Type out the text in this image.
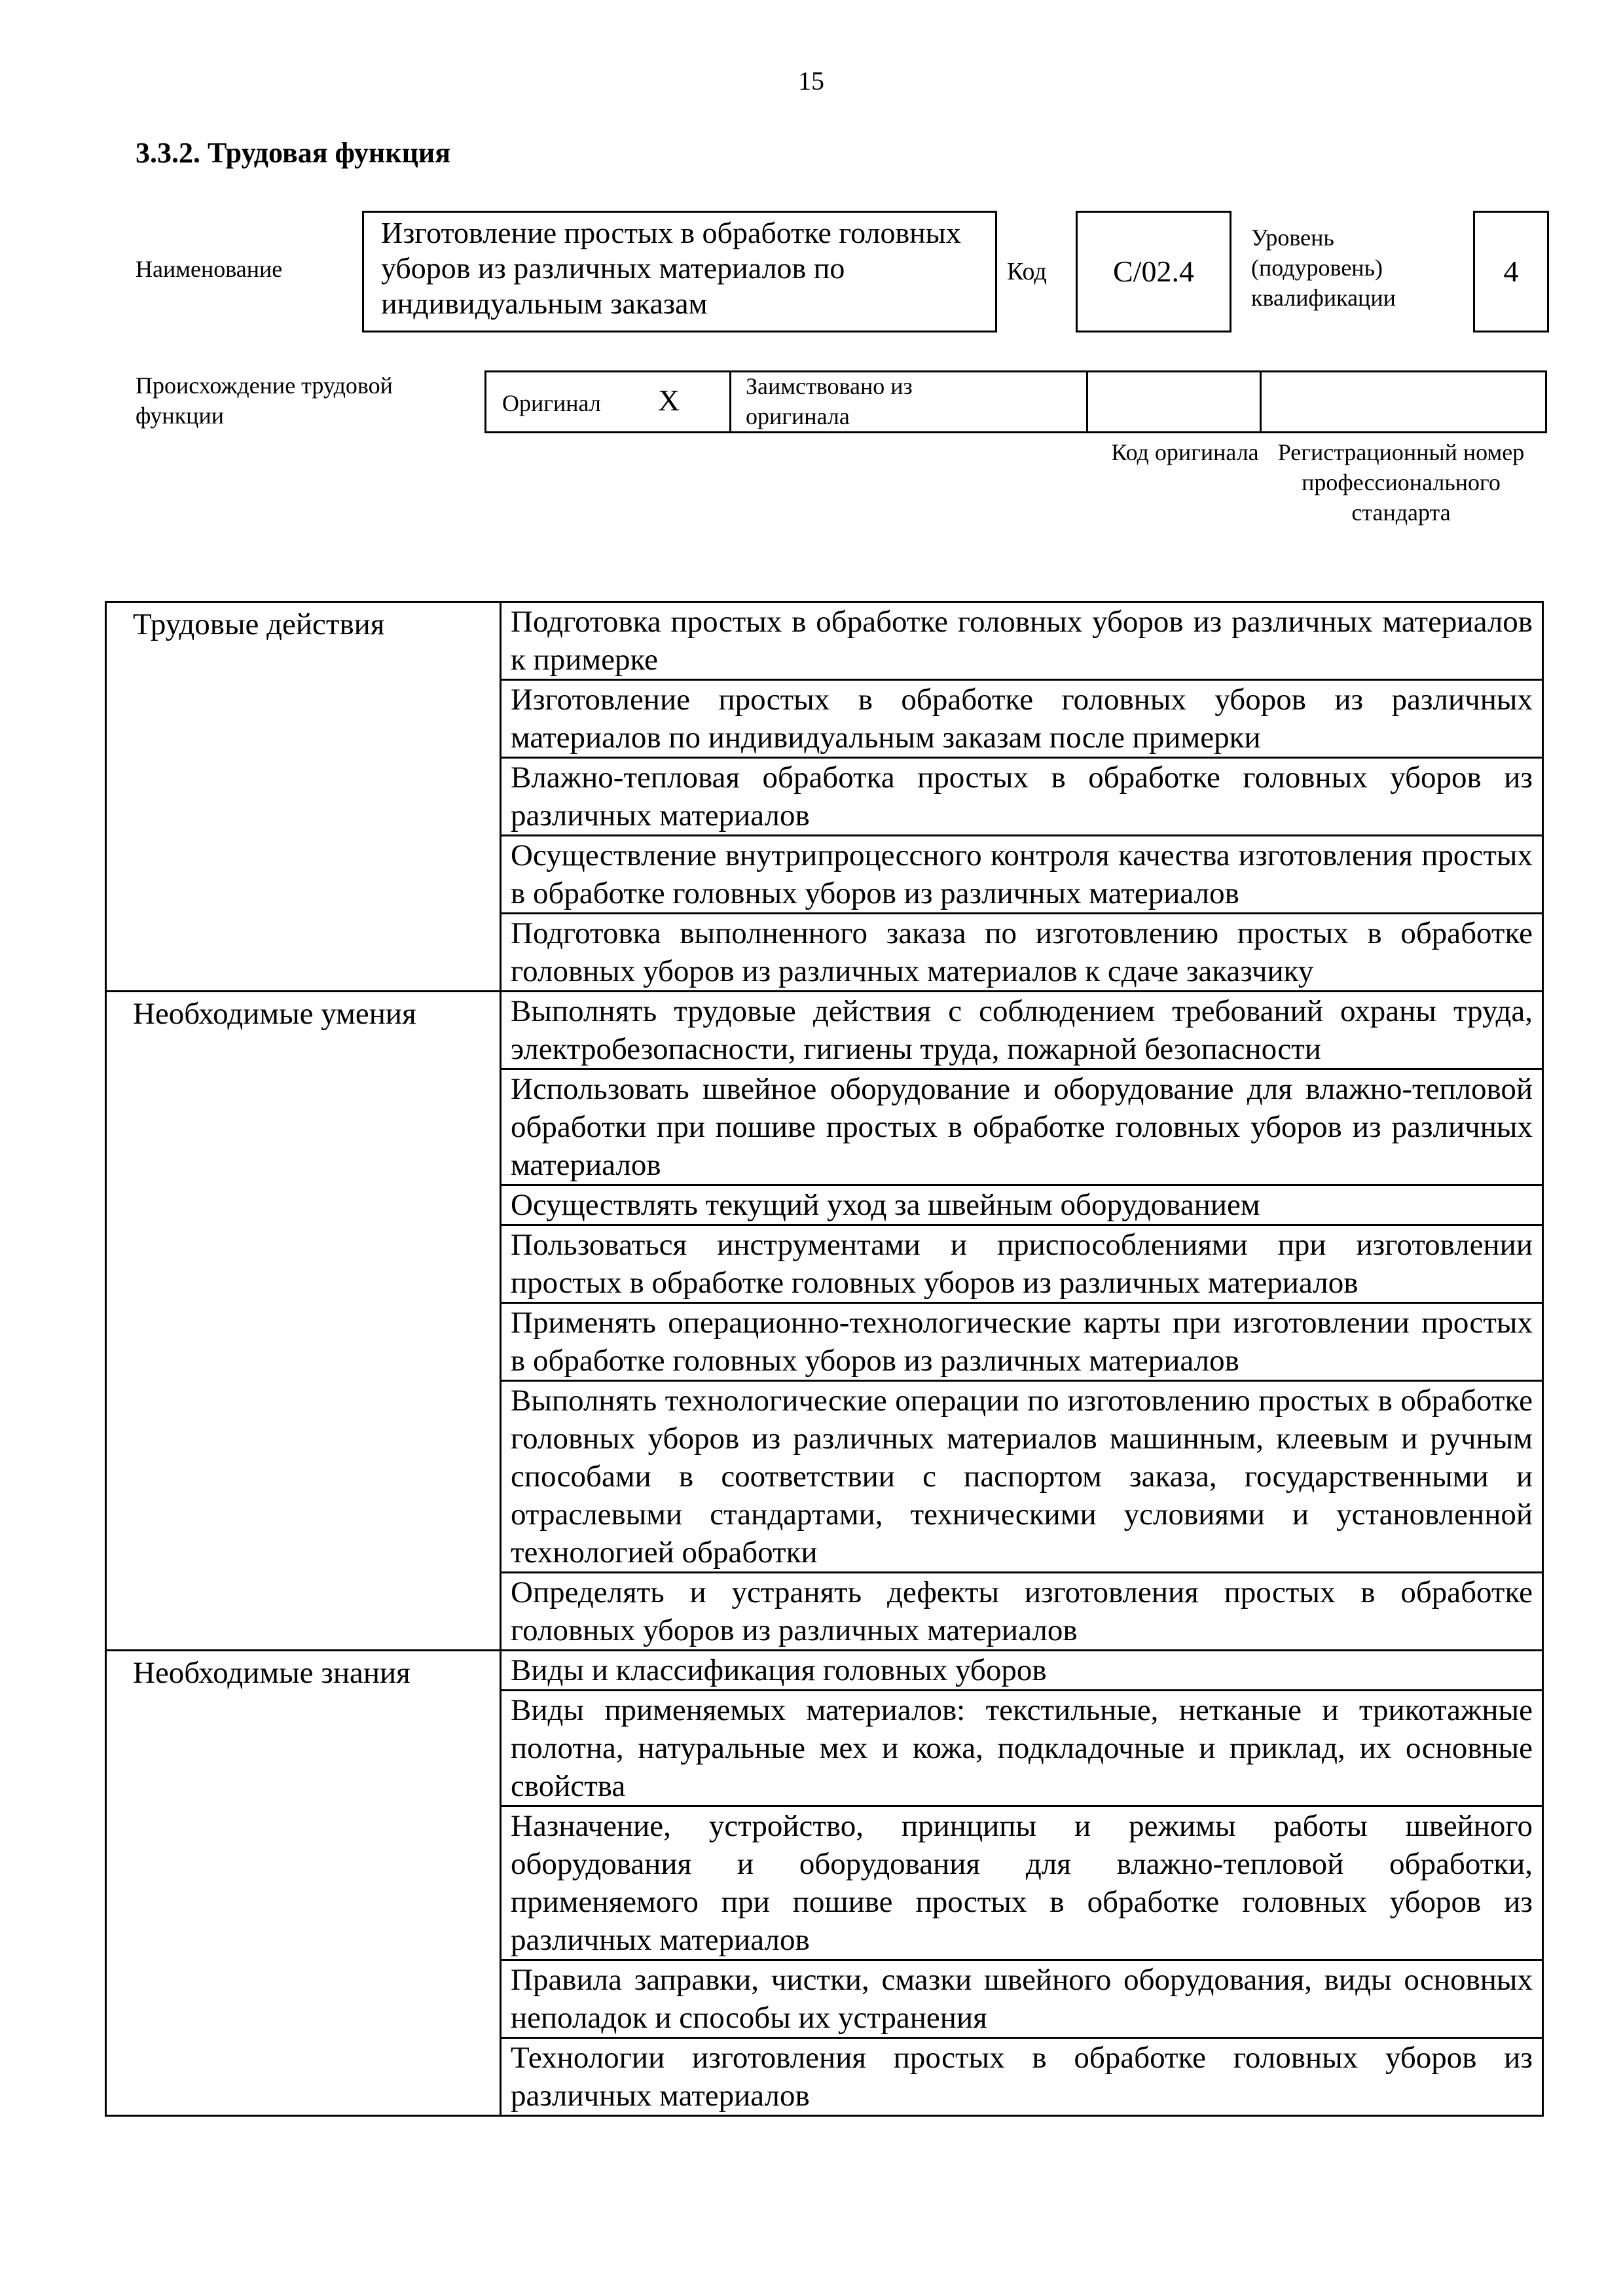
15
3.3.2. Трудовая функция
Наименование
Изготовление простых в обработке головных уборов из различных материалов по индивидуальным заказам
Код C/02.4
Уровень (подуровень) квалификации
4
Происхождение трудовой функции	Оригинал X	Заимствовано из оригинала
Код оригинала Регистрационный номер профессионального стандарта
Трудовые действия	Подготовка простых в обработке головных уборов из различных материалов к примерке
	Изготовление простых в обработке головных уборов из различных материалов по индивидуальным заказам после примерки
	Влажно-тепловая обработка простых в обработке головных уборов из различных материалов
	Осуществление внутрипроцессного контроля качества изготовления простых в обработке головных уборов из различных материалов
	Подготовка выполненного заказа по изготовлению простых в обработке головных уборов из различных материалов к сдаче заказчику
Необходимые умения	Выполнять трудовые действия с соблюдением требований охраны труда, электробезопасности, гигиены труда, пожарной безопасности
	Использовать швейное оборудование и оборудование для влажно-тепловой обработки при пошиве простых в обработке головных уборов из различных материалов
	Осуществлять текущий уход за швейным оборудованием
	Пользоваться инструментами и приспособлениями при изготовлении простых в обработке головных уборов из различных материалов
	Применять операционно-технологические карты при изготовлении простых в обработке головных уборов из различных материалов
	Выполнять технологические операции по изготовлению простых в обработке головных уборов из различных материалов машинным, клеевым и ручным способами в соответствии с паспортом заказа, государственными и отраслевыми стандартами, техническими условиями и установленной технологией обработки
	Определять и устранять дефекты изготовления простых в обработке головных уборов из различных материалов
Необходимые знания	Виды и классификация головных уборов
	Виды применяемых материалов: текстильные, нетканые и трикотажные полотна, натуральные мех и кожа, подкладочные и приклад, их основные свойства
	Назначение, устройство, принципы и режимы работы швейного оборудования и оборудования для влажно-тепловой обработки, применяемого при пошиве простых в обработке головных уборов из различных материалов
	Правила заправки, чистки, смазки швейного оборудования, виды основных неполадок и способы их устранения
	Технологии изготовления простых в обработке головных уборов из различных материалов
